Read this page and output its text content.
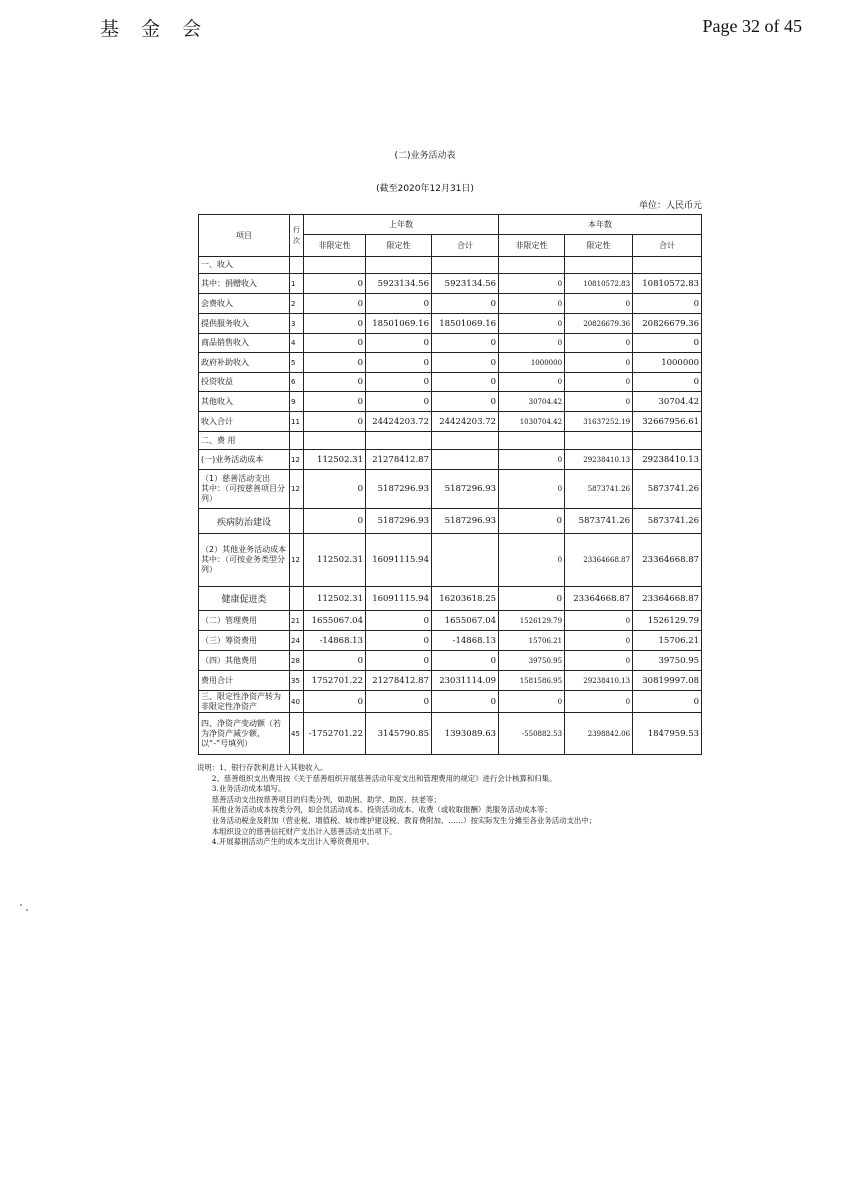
基 金 会	Page 32 of 45
(二)业务活动表
(截至2020年12月31日)
单位：人民币元
项目	行次	上年数			本年数		
		非限定性	限定性	合计	非限定性	限定性	合计
一、收入							
其中：捐赠收入	1	0	5923134.56	5923134.56	0	10810572.83	10810572.83
会费收入	2	0	0	0	0	0	0
提供服务收入	3	0	18501069.16	18501069.16	0	20826679.36	20826679.36
商品销售收入	4	0	0	0	0	0	0
政府补助收入	5	0	0	0	1000000	0	1000000
投资收益	6	0	0	0	0	0	0
其他收入	9	0	0	0	30704.42	0	30704.42
收入合计	11	0	24424203.72	24424203.72	1030704.42	31637252.19	32667956.61
二、费 用							
(一)业务活动成本	12	112502.31	21278412.87		0	29238410.13	29238410.13
（1）慈善活动支出
其中：（可按慈善项目分列）	12	0	5187296.93	5187296.93	0	5873741.26	5873741.26
疾病防治建设		0	5187296.93	5187296.93	0	5873741.26	5873741.26
（2）其他业务活动成本
其中：（可按业务类型分列）	12	112502.31	16091115.94		0	23364668.87	23364668.87
健康促进类		112502.31	16091115.94	16203618.25	0	23364668.87	23364668.87
（二）管理费用	21	1655067.04	0	1655067.04	1526129.79	0	1526129.79
（三）筹资费用	24	-14868.13	0	-14868.13	15706.21	0	15706.21
（四）其他费用	28	0	0	0	39750.95	0	39750.95
费用合计	35	1752701.22	21278412.87	23031114.09	1581586.95	29238410.13	30819997.08
三、限定性净资产转为非限定性净资产	40	0	0	0	0	0	0
四、净资产变动额（若为净资产减少额，以“-”号填列）	45	-1752701.22	3145790.85	1393089.63	-550882.53	2398842.06	1847959.53
说明：1、银行存款利息计入其他收入。
　　2、慈善组织支出费用按《关于慈善组织开展慈善活动年度支出和管理费用的规定》进行会计核算和归集。
　　3.业务活动成本填写。
　　慈善活动支出按慈善项目的归类分列，如助困、助学、助医、扶老等；
　　其他业务活动成本按类分列，如会员活动成本、投资活动成本、收费（或收取报酬）类服务活动成本等；
　　业务活动税金及附加（营业税、增值税、城市维护建设税、教育费附加、……）按实际发生分摊至各业务活动支出中；
　　本组织设立的慈善信托财产支出计入慈善活动支出项下。
　　4.开展募捐活动产生的成本支出计入筹资费用中。
